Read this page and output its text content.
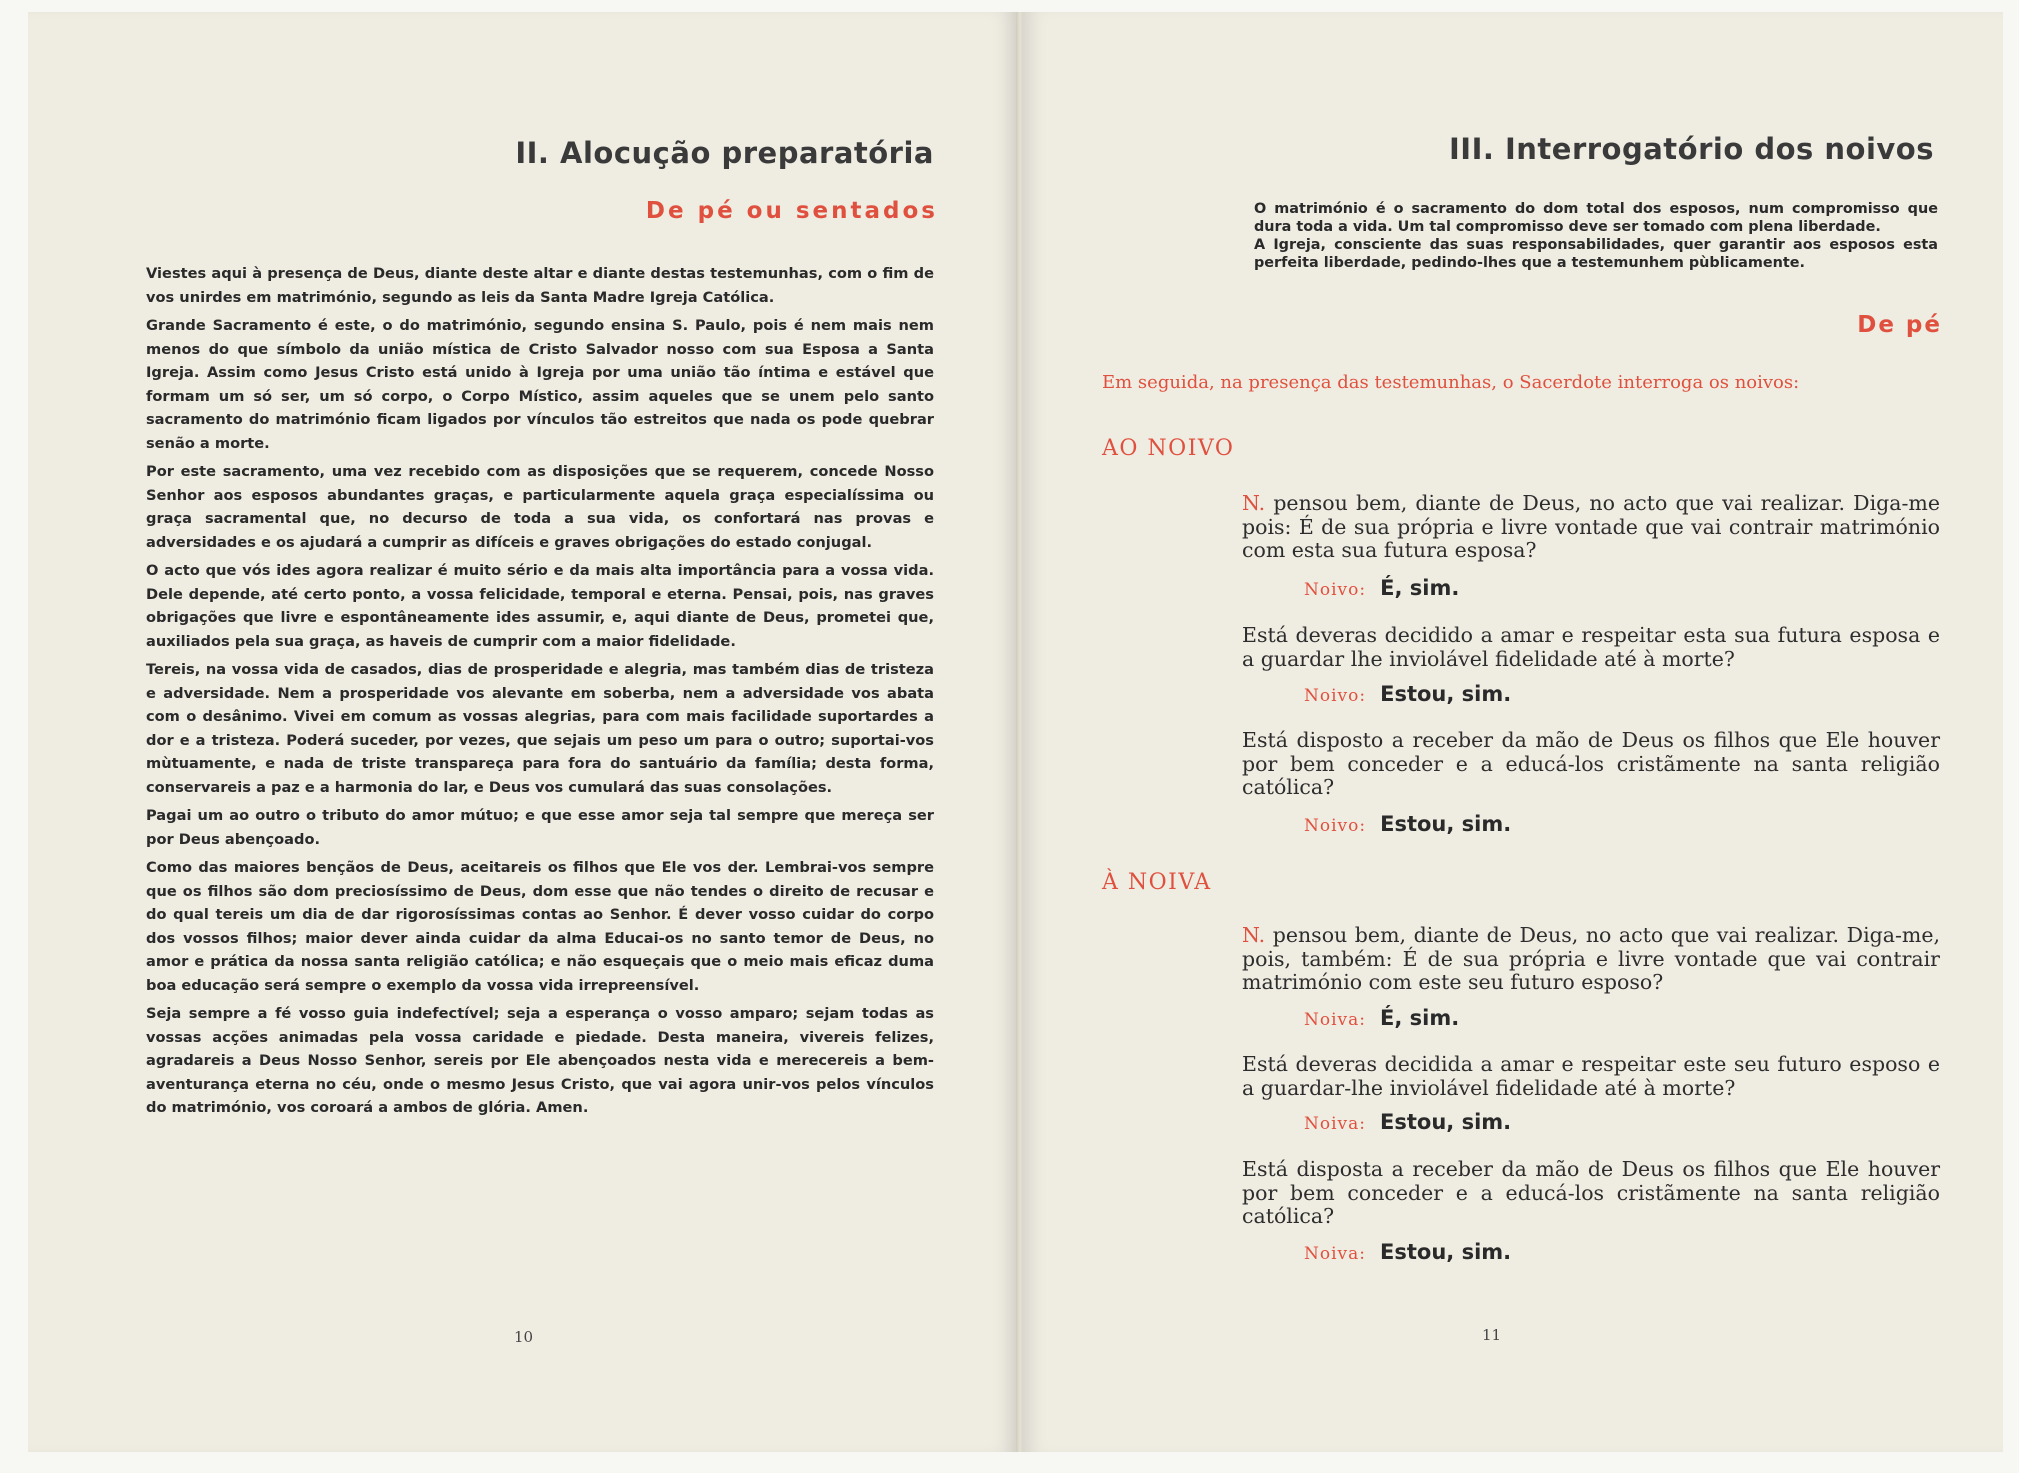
II. Alocução preparatória
De pé ou sentados

Viestes aqui à presença de Deus, diante deste altar e diante destas testemunhas, com o fim de vos unirdes em matrimónio, segundo as leis da Santa Madre Igreja Católica.

Grande Sacramento é este, o do matrimónio, segundo ensina S. Paulo, pois é nem mais nem menos do que símbolo da união mística de Cristo Salvador nosso com sua Esposa a Santa Igreja. Assim como Jesus Cristo está unido à Igreja por uma união tão íntima e estável que formam um só ser, um só corpo, o Corpo Místico, assim aqueles que se unem pelo santo sacramento do matrimónio ficam ligados por vínculos tão estreitos que nada os pode quebrar senão a morte.

Por este sacramento, uma vez recebido com as disposições que se requerem, concede Nosso Senhor aos esposos abundantes graças, e particularmente aquela graça especialíssima ou graça sacramental que, no decurso de toda a sua vida, os confortará nas provas e adversidades e os ajudará a cumprir as difíceis e graves obrigações do estado conjugal.

O acto que vós ides agora realizar é muito sério e da mais alta importância para a vossa vida. Dele depende, até certo ponto, a vossa felicidade, temporal e eterna. Pensai, pois, nas graves obrigações que livre e espontâneamente ides assumir, e, aqui diante de Deus, prometei que, auxiliados pela sua graça, as haveis de cumprir com a maior fidelidade.

Tereis, na vossa vida de casados, dias de prosperidade e alegria, mas também dias de tristeza e adversidade. Nem a prosperidade vos alevante em soberba, nem a adversidade vos abata com o desânimo. Vivei em comum as vossas alegrias, para com mais facilidade suportardes a dor e a tristeza. Poderá suceder, por vezes, que sejais um peso um para o outro; suportai-vos mùtuamente, e nada de triste transpareça para fora do santuário da família; desta forma, conservareis a paz e a harmonia do lar, e Deus vos cumulará das suas consolações.

Pagai um ao outro o tributo do amor mútuo; e que esse amor seja tal sempre que mereça ser por Deus abençoado.

Como das maiores bençãos de Deus, aceitareis os filhos que Ele vos der. Lembrai-vos sempre que os filhos são dom preciosíssimo de Deus, dom esse que não tendes o direito de recusar e do qual tereis um dia de dar rigorosíssimas contas ao Senhor. É dever vosso cuidar do corpo dos vossos filhos; maior dever ainda cuidar da alma Educai-os no santo temor de Deus, no amor e prática da nossa santa religião católica; e não esqueçais que o meio mais eficaz duma boa educação será sempre o exemplo da vossa vida irrepreensível.

Seja sempre a fé vosso guia indefectível; seja a esperança o vosso amparo; sejam todas as vossas acções animadas pela vossa caridade e piedade. Desta maneira, vivereis felizes, agradareis a Deus Nosso Senhor, sereis por Ele abençoados nesta vida e merecereis a bem-aventurança eterna no céu, onde o mesmo Jesus Cristo, que vai agora unir-vos pelos vínculos do matrimónio, vos coroará a ambos de glória. Amen.

10
III. Interrogatório dos noivos

O matrimónio é o sacramento do dom total dos esposos, num compromisso que dura toda a vida. Um tal compromisso deve ser tomado com plena liberdade.

A Igreja, consciente das suas responsabilidades, quer garantir aos esposos esta perfeita liberdade, pedindo-lhes que a testemunhem pùblicamente.

De pé
Em seguida, na presença das testemunhas, o Sacerdote interroga os noivos:
AO NOIVO
N. pensou bem, diante de Deus, no acto que vai realizar. Diga-me pois: É de sua própria e livre vontade que vai contrair matrimónio com esta sua futura esposa?
Noivo: É, sim.
Está deveras decidido a amar e respeitar esta sua futura esposa e a guardar lhe inviolável fidelidade até à morte?
Noivo: Estou, sim.
Está disposto a receber da mão de Deus os filhos que Ele houver por bem conceder e a educá-los cristãmente na santa religião católica?
Noivo: Estou, sim.
À NOIVA
N. pensou bem, diante de Deus, no acto que vai realizar. Diga-me, pois, também: É de sua própria e livre vontade que vai contrair matrimónio com este seu futuro esposo?
Noiva: É, sim.
Está deveras decidida a amar e respeitar este seu futuro esposo e a guardar-lhe inviolável fidelidade até à morte?
Noiva: Estou, sim.
Está disposta a receber da mão de Deus os filhos que Ele houver por bem conceder e a educá-los cristãmente na santa religião católica?
Noiva: Estou, sim.
11
